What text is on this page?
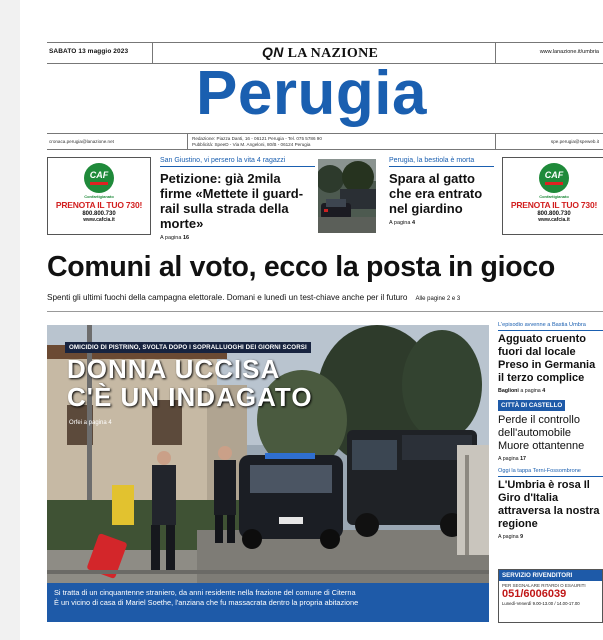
SABATO 13 maggio 2023	QN LA NAZIONE	www.lanazione.it/umbria
Perugia
cronaca.perugia@lanazione.net
Redazione: Piazza Danti, 16 - 06121 Perugia - Tel. 075 5786 90
Pubblicità: SpeeD - Via M. Angeloni, 80/B - 06124 Perugia	spe.perugia@speweb.it
CAF
Confartigianato
PRENOTA IL TUO 730!
800.800.730
www.cafcia.it
San Giustino, vi persero la vita 4 ragazzi
Petizione: già 2mila firme «Mettete il guard-rail sulla strada della morte»
A pagina 16
Perugia, la bestiola è morta
Spara al gatto che era entrato nel giardino
A pagina 4
CAF
Confartigianato
PRENOTA IL TUO 730!
800.800.730
www.cafcia.it
Comuni al voto, ecco la posta in gioco
Spenti gli ultimi fuochi della campagna elettorale. Domani e lunedì un test-chiave anche per il futuro Alle pagine 2 e 3
OMICIDIO DI PISTRINO, SVOLTA DOPO I SOPRALLUOGHI DEI GIORNI SCORSI
DONNA UCCISA
C'È UN INDAGATO
Orfei a pagina 4
Si tratta di un cinquantenne straniero, da anni residente nella frazione del comune di Citerna
È un vicino di casa di Mariel Soethe, l'anziana che fu massacrata dentro la propria abitazione
L'episodio avvenne a Bastia Umbra
Agguato cruento fuori dal locale Preso in Germania il terzo complice
Baglioni a pagina 4
CITTÀ DI CASTELLO
Perde il controllo dell'automobile Muore ottantenne
A pagina 17
Oggi la tappa Terni-Fossombrone
L'Umbria è rosa Il Giro d'Italia attraversa la nostra regione
A pagina 9
SERVIZIO RIVENDITORI
PER SEGNALARE RITARDI O ESAURITI
051/6006039
Lunedì-Venerdì 9.00-13.00 / 14.00-17.00
